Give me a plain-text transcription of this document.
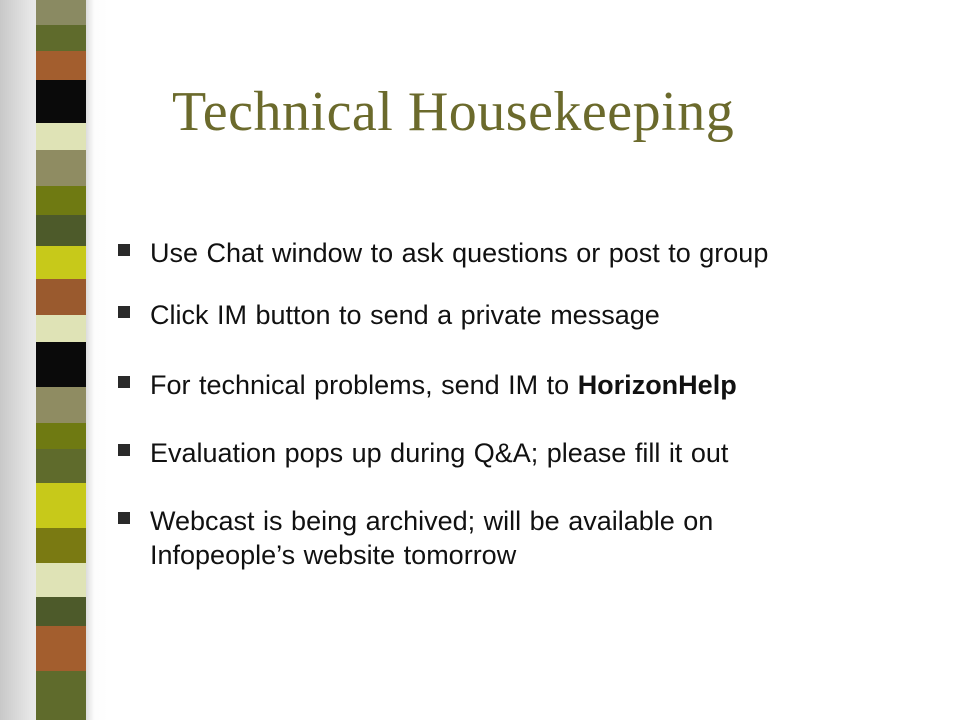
Technical Housekeeping
Use Chat window to ask questions or post to group
Click IM button to send a private message
For technical problems, send IM to HorizonHelp
Evaluation pops up during Q&A; please fill it out
Webcast is being archived; will be available on Infopeople’s website tomorrow
